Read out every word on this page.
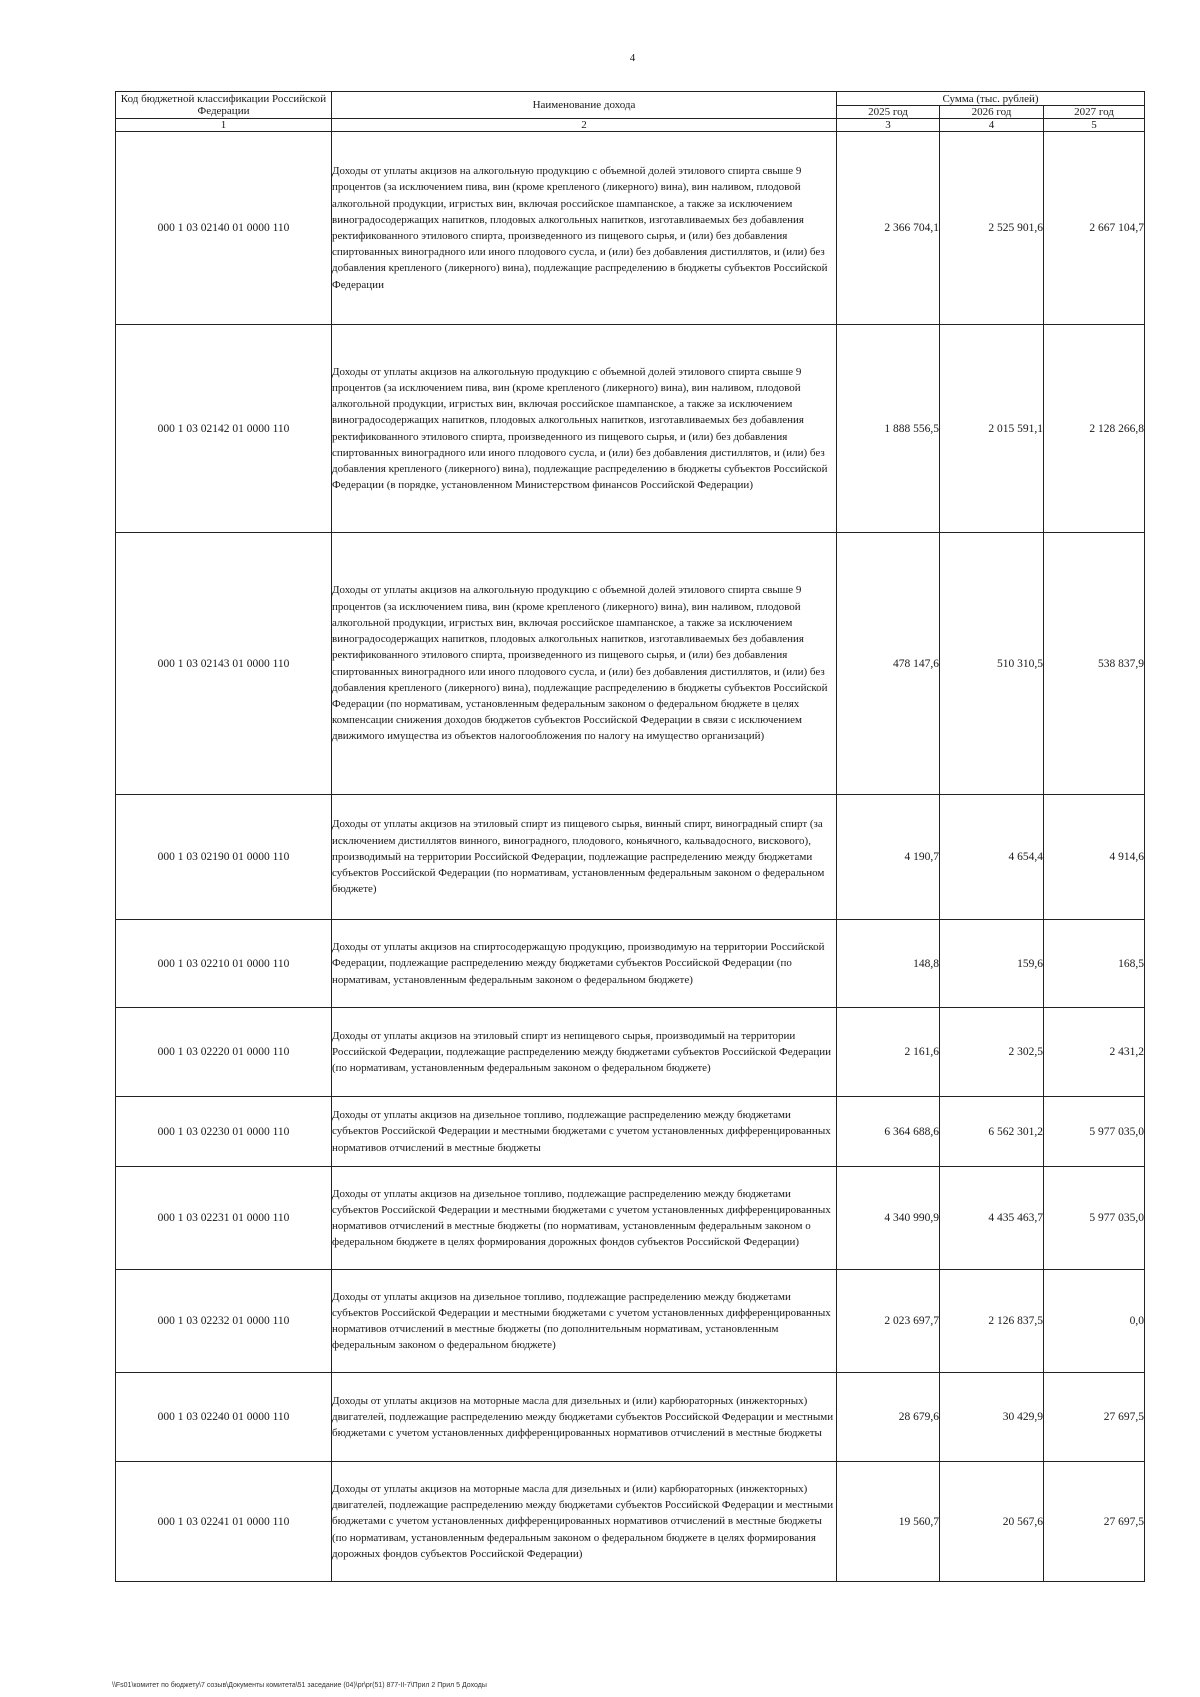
4
Код бюджетной классификации Российской Федерации	Наименование дохода	Сумма (тыс. рублей)		
		2025 год	2026 год	2027 год
1	2	3	4	5
000 1 03 02140 01 0000 110	Доходы от уплаты акцизов на алкогольную продукцию с объемной долей этилового спирта свыше 9 процентов (за исключением пива, вин (кроме крепленого (ликерного) вина), вин наливом, плодовой алкогольной продукции, игристых вин, включая российское шампанское, а также за исключением виноградосодержащих напитков, плодовых алкогольных напитков, изготавливаемых без добавления ректификованного этилового спирта, произведенного из пищевого сырья, и (или) без добавления спиртованных виноградного или иного плодового сусла, и (или) без добавления дистиллятов, и (или) без добавления крепленого (ликерного) вина), подлежащие распределению в бюджеты субъектов Российской Федерации	2 366 704,1	2 525 901,6	2 667 104,7
000 1 03 02142 01 0000 110	Доходы от уплаты акцизов на алкогольную продукцию с объемной долей этилового спирта свыше 9 процентов (за исключением пива, вин (кроме крепленого (ликерного) вина), вин наливом, плодовой алкогольной продукции, игристых вин, включая российское шампанское, а также за исключением виноградосодержащих напитков, плодовых алкогольных напитков, изготавливаемых без добавления ректификованного этилового спирта, произведенного из пищевого сырья, и (или) без добавления спиртованных виноградного или иного плодового сусла, и (или) без добавления дистиллятов, и (или) без добавления крепленого (ликерного) вина), подлежащие распределению в бюджеты субъектов Российской Федерации (в порядке, установленном Министерством финансов Российской Федерации)	1 888 556,5	2 015 591,1	2 128 266,8
000 1 03 02143 01 0000 110	Доходы от уплаты акцизов на алкогольную продукцию с объемной долей этилового спирта свыше 9 процентов (за исключением пива, вин (кроме крепленого (ликерного) вина), вин наливом, плодовой алкогольной продукции, игристых вин, включая российское шампанское, а также за исключением виноградосодержащих напитков, плодовых алкогольных напитков, изготавливаемых без добавления ректификованного этилового спирта, произведенного из пищевого сырья, и (или) без добавления спиртованных виноградного или иного плодового сусла, и (или) без добавления дистиллятов, и (или) без добавления крепленого (ликерного) вина), подлежащие распределению в бюджеты субъектов Российской Федерации (по нормативам, установленным федеральным законом о федеральном бюджете в целях компенсации снижения доходов бюджетов субъектов Российской Федерации в связи с исключением движимого имущества из объектов налогообложения по налогу на имущество организаций)	478 147,6	510 310,5	538 837,9
000 1 03 02190 01 0000 110	Доходы от уплаты акцизов на этиловый спирт из пищевого сырья, винный спирт, виноградный спирт (за исключением дистиллятов винного, виноградного, плодового, коньячного, кальвадосного, вискового), производимый на территории Российской Федерации, подлежащие распределению между бюджетами субъектов Российской Федерации (по нормативам, установленным федеральным законом о федеральном бюджете)	4 190,7	4 654,4	4 914,6
000 1 03 02210 01 0000 110	Доходы от уплаты акцизов на спиртосодержащую продукцию, производимую на территории Российской Федерации, подлежащие распределению между бюджетами субъектов Российской Федерации (по нормативам, установленным федеральным законом о федеральном бюджете)	148,8	159,6	168,5
000 1 03 02220 01 0000 110	Доходы от уплаты акцизов на этиловый спирт из непищевого сырья, производимый на территории Российской Федерации, подлежащие распределению между бюджетами субъектов Российской Федерации (по нормативам, установленным федеральным законом о федеральном бюджете)	2 161,6	2 302,5	2 431,2
000 1 03 02230 01 0000 110	Доходы от уплаты акцизов на дизельное топливо, подлежащие распределению между бюджетами субъектов Российской Федерации и местными бюджетами с учетом установленных дифференцированных нормативов отчислений в местные бюджеты	6 364 688,6	6 562 301,2	5 977 035,0
000 1 03 02231 01 0000 110	Доходы от уплаты акцизов на дизельное топливо, подлежащие распределению между бюджетами субъектов Российской Федерации и местными бюджетами с учетом установленных дифференцированных нормативов отчислений в местные бюджеты (по нормативам, установленным федеральным законом о федеральном бюджете в целях формирования дорожных фондов субъектов Российской Федерации)	4 340 990,9	4 435 463,7	5 977 035,0
000 1 03 02232 01 0000 110	Доходы от уплаты акцизов на дизельное топливо, подлежащие распределению между бюджетами субъектов Российской Федерации и местными бюджетами с учетом установленных дифференцированных нормативов отчислений в местные бюджеты (по дополнительным нормативам, установленным федеральным законом о федеральном бюджете)	2 023 697,7	2 126 837,5	0,0
000 1 03 02240 01 0000 110	Доходы от уплаты акцизов на моторные масла для дизельных и (или) карбюраторных (инжекторных) двигателей, подлежащие распределению между бюджетами субъектов Российской Федерации и местными бюджетами с учетом установленных дифференцированных нормативов отчислений в местные бюджеты	28 679,6	30 429,9	27 697,5
000 1 03 02241 01 0000 110	Доходы от уплаты акцизов на моторные масла для дизельных и (или) карбюраторных (инжекторных) двигателей, подлежащие распределению между бюджетами субъектов Российской Федерации и местными бюджетами с учетом установленных дифференцированных нормативов отчислений в местные бюджеты (по нормативам, установленным федеральным законом о федеральном бюджете в целях формирования дорожных фондов субъектов Российской Федерации)	19 560,7	20 567,6	27 697,5
\\Fs01\комитет по бюджету\7 созыв\Документы комитета\51 заседание (04)\pr\pr(51) 877-II-7\Прил 2 Прил 5 Доходы
